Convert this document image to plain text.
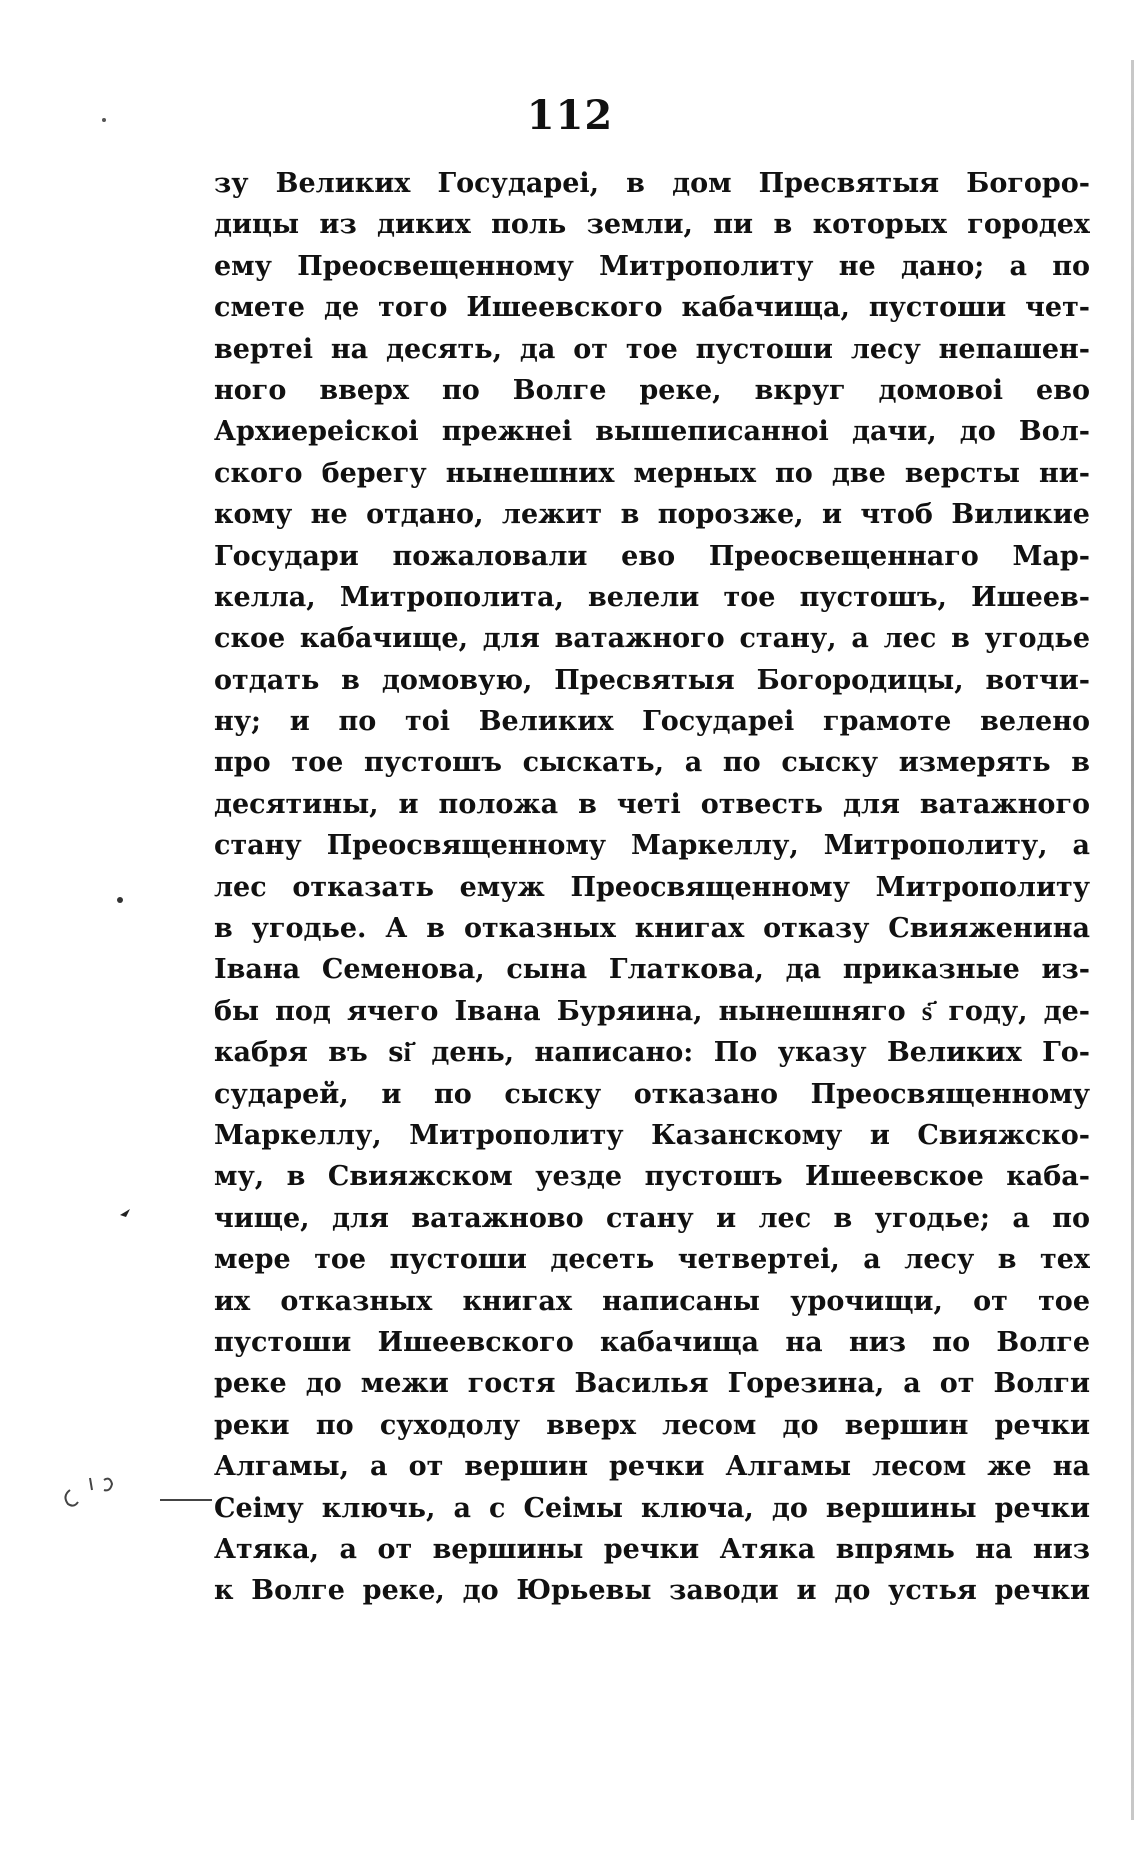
112
зу Великих Государеі, в дом Пресвятыя Богоро-
дицы из диких поль земли, пи в которых городех
ему Преосвещенному Митрополиту не дано; а по
смете де того Ишеевского кабачища, пустоши чет-
вертеі на десять, да от тое пустоши лесу непашен-
ного вверх по Волге реке, вкруг домовоі ево
Архиереіскоі прежнеі вышеписанноі дачи, до Вол-
ского берегу нынешних мерных по две версты ни-
кому не отдано, лежит в порозже, и чтоб Виликие
Государи пожаловали ево Преосвещеннаго Мар-
келла, Митрополита, велели тое пустошъ, Ишеев-
ское кабачище, для ватажного стану, а лес в угодье
отдать в домовую, Пресвятыя Богородицы, вотчи-
ну; и по тоі Великих Государеі грамоте велено
про тое пустошъ сыскать, а по сыску измерять в
десятины, и положа в четі отвесть для ватажного
стану Преосвященному Маркеллу, Митрополиту, а
лес отказать емуж Преосвященному Митрополиту
в угодье. А в отказных книгах отказу Свияженина
Івана Семенова, сына Глаткова, да приказные из-
бы под ячего Івана Буряина, нынешняго ѕ҃ году, де-
кабря въ ѕі҃ день, написано: По указу Великих Го-
сударей, и по сыску отказано Преосвященному
Маркеллу, Митрополиту Казанскому и Свияжско-
му, в Свияжском уезде пустошъ Ишеевское каба-
чище, для ватажново стану и лес в угодье; а по
мере тое пустоши десеть четвертеі, а лесу в тех
их отказных книгах написаны урочищи, от тое
пустоши Ишеевского кабачища на низ по Волге
реке до межи гостя Василья Горезина, а от Волги
реки по суходолу вверх лесом до вершин речки
Алгамы, а от вершин речки Алгамы лесом же на
Сеіму ключь, а с Сеімы ключа, до вершины речки
Атяка, а от вершины речки Атяка впрямь на низ
к Волге реке, до Юрьевы заводи и до устья речки
